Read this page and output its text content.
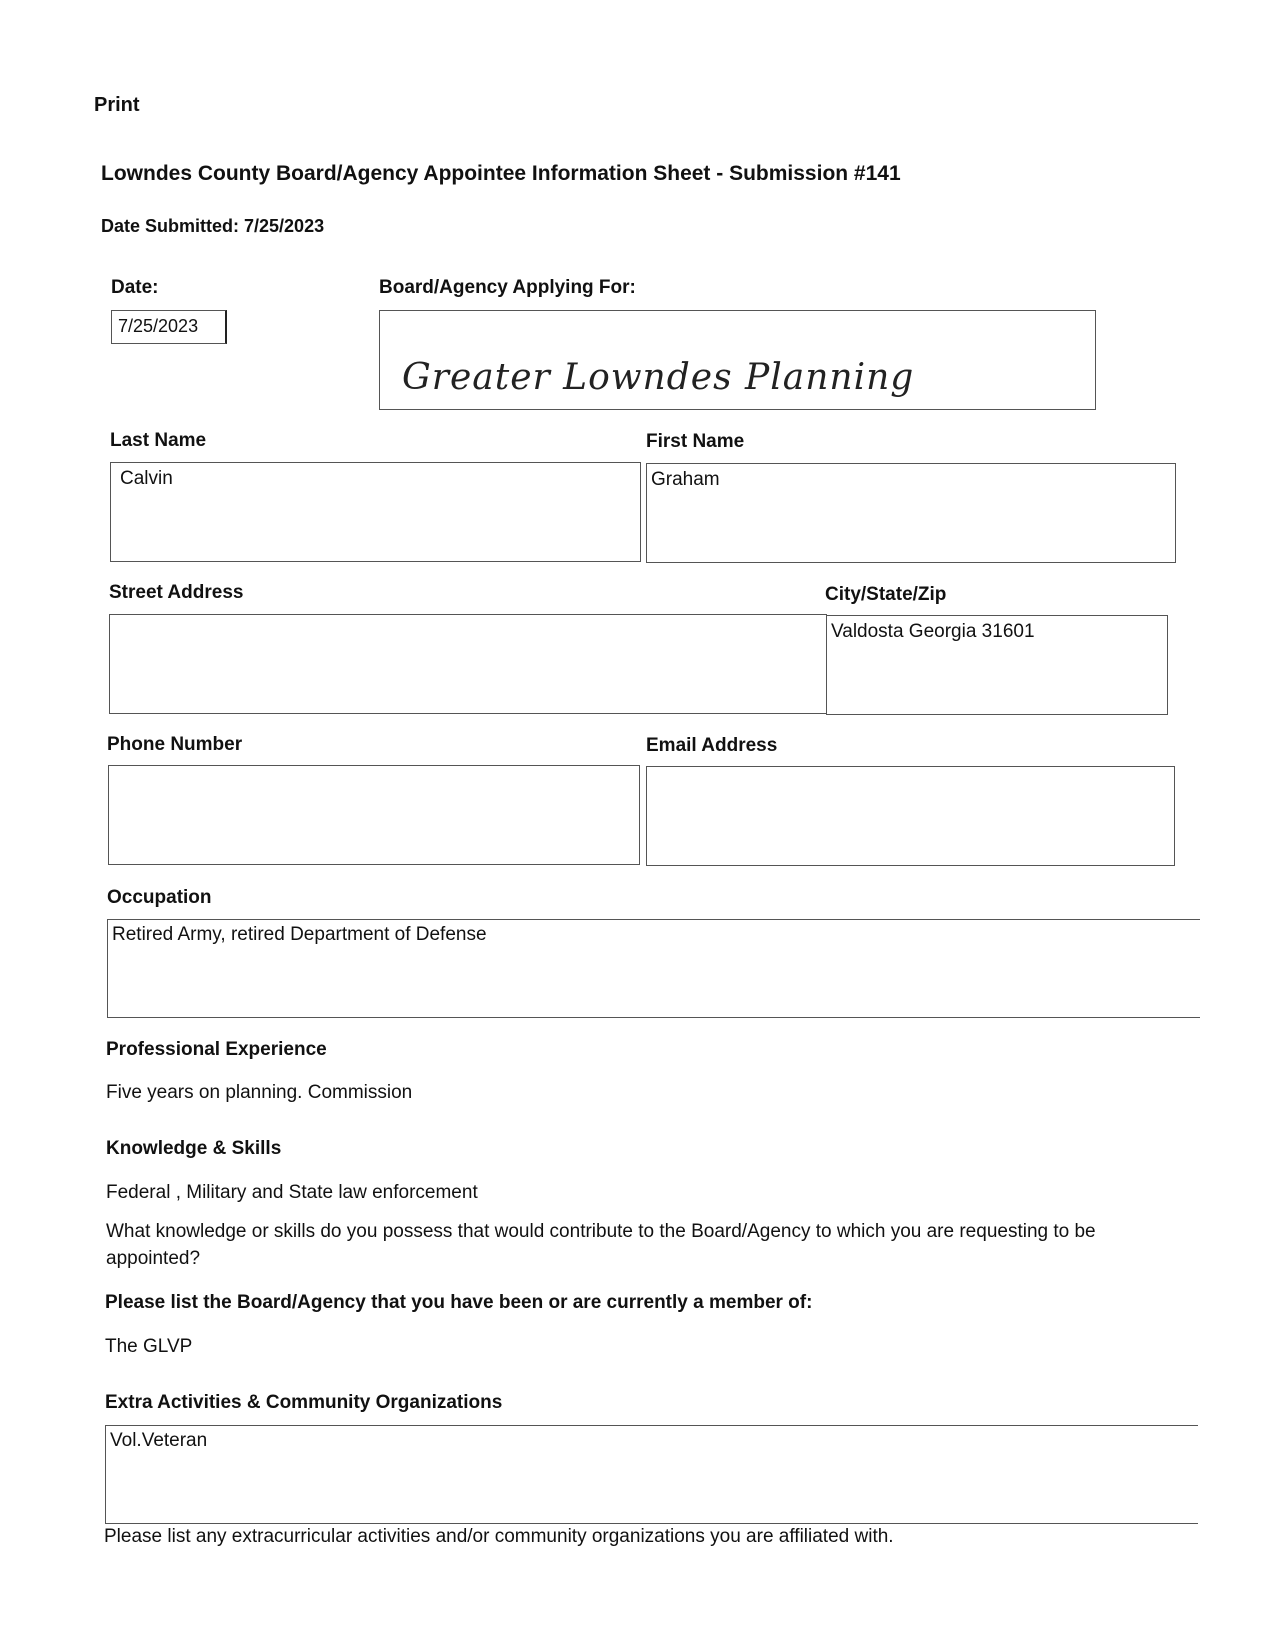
Print
Lowndes County Board/Agency Appointee Information Sheet - Submission #141
Date Submitted: 7/25/2023
Date:
7/25/2023
Board/Agency Applying For:
Greater Lowndes Planning
Last Name
Calvin
First Name
Graham
Street Address	City/State/Zip
Valdosta Georgia 31601
Phone Number	Email Address
Occupation
Retired Army, retired Department of Defense
Professional Experience
Five years on planning. Commission
Knowledge & Skills
Federal , Military and State law enforcement
What knowledge or skills do you possess that would contribute to the Board/Agency to which you are requesting to be appointed?
Please list the Board/Agency that you have been or are currently a member of:
The GLVP
Extra Activities & Community Organizations
Vol.Veteran
Please list any extracurricular activities and/or community organizations you are affiliated with.
